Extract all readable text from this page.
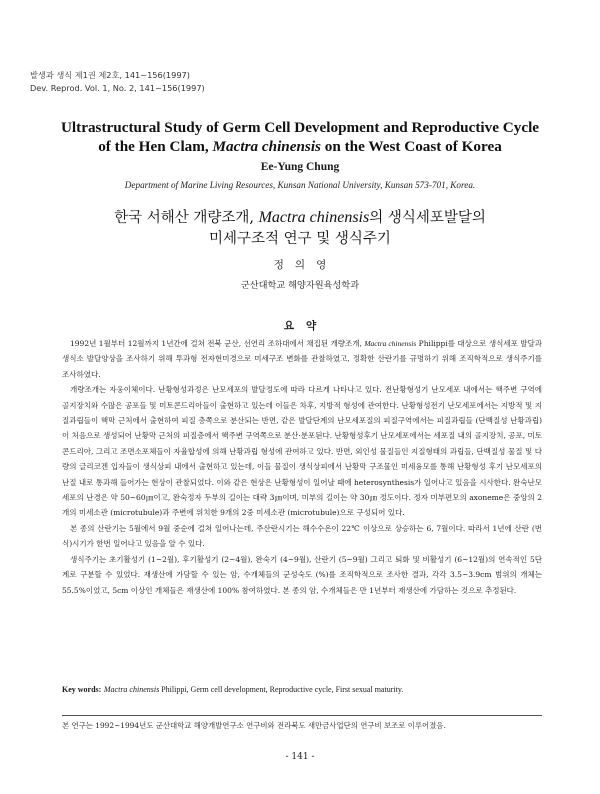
발생과 생식 제1권 제2호, 141~156(1997)
Dev. Reprod. Vol. 1, No. 2, 141~156(1997)
Ultrastructural Study of Germ Cell Development and Reproductive Cycle
of the Hen Clam, Mactra chinensis on the West Coast of Korea
Ee-Yung Chung
Department of Marine Living Resources, Kunsan National University, Kunsan 573-701, Korea.
한국 서해산 개량조개, Mactra chinensis의 생식세포발달의
미세구조적 연구 및 생식주기
정의영
군산대학교 해양자원육성학과
요약

1992년 1월부터 12월까지 1년간에 걸쳐 전북 군산, 선연리 조하대에서 채집된 개량조개, Mactra chinensis Philippi를 대상으로 생식세포 발달과 생식소 발달양상을 조사하기 위해 투과형 전자현미경으로 미세구조 변화를 관찰하였고, 정확한 산란기를 규명하기 위해 조직학적으로 생식주기를 조사하였다.

개량조개는 자웅이체이다. 난황형성과정은 난모세포의 발달정도에 따라 다르게 나타나고 있다. 전난황형성기 난모세포 내에서는 핵주변 구역에 골지장치와 수많은 공포들 및 미토콘드리아들이 출현하고 있는데 이들은 차후, 지방적 형성에 관여한다. 난황형성전기 난모세포에서는 지방적 및 지질과립들이 핵막 근처에서 출현하여 피질 층쪽으로 분산되는 반면, 같은 발달단계의 난모세포질의 피질구역에서는 피질과립들 (단백질성 난황과립)이 처음으로 생성되어 난황막 근처의 피질층에서 핵주변 구역쪽으로 분산·분포된다. 난황형성후기 난모세포에서는 세포질 내의 골지장치, 공포, 미토콘드리아, 그리고 조면소포체들이 자율합성에 의해 난황과립 형성에 관여하고 있다. 반면, 외인성 물질들인 지질형태의 과립들, 단백질성 물질 및 다량의 글리코겐 입자들이 생식상피 내에서 출현하고 있는데, 이들 물질이 생식상피에서 난황막 구조물인 미세융모를 통해 난황형성 후기 난모세포의 난질 내로 통과해 들어가는 현상이 관찰되었다. 이와 같은 현상은 난황형성이 일어날 때에 heterosynthesis가 일어나고 있음을 시사한다. 완숙난모세포의 난경은 약 50~60㎛이고, 완숙정자 두부의 길이는 대략 3㎛이며, 미부의 길이는 약 30㎛ 정도이다. 정자 미부편모의 axoneme은 중앙의 2개의 미세소관 (microtubule)과 주변에 위치한 9개의 2중 미세소관 (microtubule)으로 구성되어 있다.

본 종의 산란기는 5월에서 9월 중순에 걸쳐 일어나는데, 주산란시기는 해수수온이 22℃ 이상으로 상승하는 6, 7월이다. 따라서 1년에 산란 (번식)시기가 한번 일어나고 있음을 알 수 있다.

생식주기는 초기활성기 (1~2월), 후기활성기 (2~4월), 완숙기 (4~9월), 산란기 (5~9월) 그리고 퇴화 및 비활성기 (6~12월)의 연속적인 5단계로 구분할 수 있었다. 재생산에 가담할 수 있는 암, 수개체들의 군성숙도 (%)를 조직학적으로 조사한 결과, 각각 3.5~3.9cm 범위의 개체는 55.5%이었고, 5cm 이상인 개체들은 재생산에 100% 참여하였다. 본 종의 암, 수개체들은 만 1년부터 재생산에 가담하는 것으로 추정된다.

Key words: Mactra chinensis Philippi, Germ cell development, Reproductive cycle, First sexual maturity.
본 연구는 1992~1994년도 군산대학교 해양개발연구소 연구비와 전라북도 새만금사업단의 연구비 보조로 이루어졌음.
- 141 -
